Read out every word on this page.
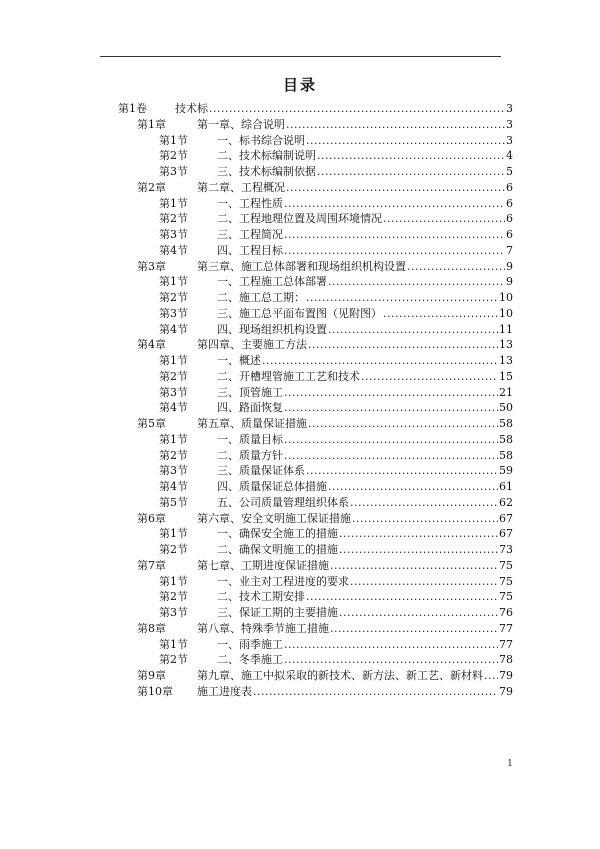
目录
第1卷	技术标 .....	3
第1章	第一章、综合说明 .....	3
第1节	一、标书综合说明 .....	3
第2节	二、技术标编制说明 .....	4
第3节	三、技术标编制依据 .....	5
第2章	第二章、工程概况 .....	6
第1节	一、工程性质 .....	6
第2节	二、工程地理位置及周围环境情况 .....	6
第3节	三、工程简况 .....	6
第4节	四、工程目标 .....	7
第3章	第三章、施工总体部署和现场组织机构设置 .....	9
第1节	一、工程施工总体部署 .....	9
第2节	二、施工总工期： .....	10
第3节	三、施工总平面布置图（见附图） .....	10
第4节	四、现场组织机构设置 .....	11
第4章	第四章、主要施工方法 .....	13
第1节	一、概述 .....	13
第2节	二、开槽埋管施工工艺和技术 .....	15
第3节	三、顶管施工 .....	21
第4节	四、路面恢复 .....	50
第5章	第五章、质量保证措施 .....	58
第1节	一、质量目标 .....	58
第2节	二、质量方针 .....	58
第3节	三、质量保证体系 .....	59
第4节	四、质量保证总体措施 .....	61
第5节	五、公司质量管理组织体系 .....	62
第6章	第六章、安全文明施工保证措施 .....	67
第1节	一、确保安全施工的措施 .....	67
第2节	二、确保文明施工的措施 .....	73
第7章	第七章、工期进度保证措施 .....	75
第1节	一、业主对工程进度的要求 .....	75
第2节	二、技术工期安排 .....	75
第3节	三、保证工期的主要措施 .....	76
第8章	第八章、特殊季节施工措施 .....	77
第1节	一、雨季施工 .....	77
第2节	二、冬季施工 .....	78
第9章	第九章、施工中拟采取的新技术、新方法、新工艺、新材料 ..... 79
第10章 施工进度表 .....	79
1
